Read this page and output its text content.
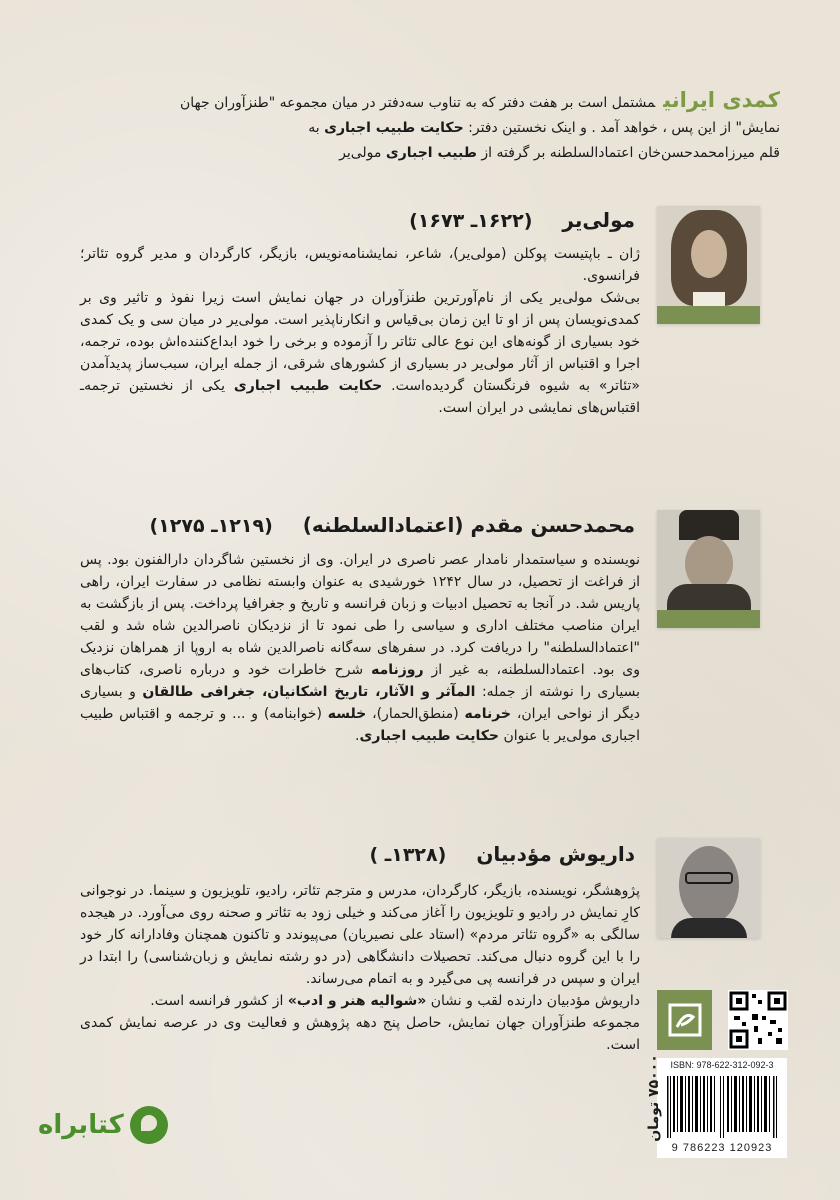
کمدی ایرانیمشتمل است بر هفت دفتر که به تناوب سه‌دفتر در میان مجموعه "طنزآوران جهان
نمایش" از این پس ، خواهد آمد . و اینک نخستین دفتر: حکایت طبیب اجباری به
قلم میرزامحمدحسن‌خان اعتمادالسلطنه بر گرفته از طبیب اجباری مولی‌یر
مولی‌یر(۱۶۲۲ـ ۱۶۷۳)

ژان ـ باپتیست پوکلن (مولی‌یر)، شاعر، نمایشنامه‌نویس، بازیگر، کارگردان و مدیر گروه تئاتر؛ فرانسوی.

بی‌شک مولی‌یر یکی از نام‌آورترین طنزآوران در جهان نمایش است زیرا نفوذ و تاثیر وی بر کمدی‌نویسان پس از او تا این زمان بی‌قیاس و انکارناپذیر است. مولی‌یر در میان سی و یک کمدی خود بسیاری از گونه‌های این نوع عالی تئاتر را آزموده و برخی را خود ابداع‌کننده‌اش بوده، ترجمه، اجرا و اقتباس از آثار مولی‌یر در بسیاری از کشورهای شرقی، از جمله ایران، سبب‌ساز پدیدآمدن «تئاتر» به شیوه فرنگستان گردیده‌است. حکایت طبیب اجباری یکی از نخستین ترجمه‌ـ اقتباس‌های نمایشی در ایران است.

محمدحسن مقدم (اعتمادالسلطنه)(۱۲۱۹ـ ۱۲۷۵)

نویسنده و سیاستمدار نامدار عصر ناصری در ایران. وی از نخستین شاگردان دارالفنون بود. پس از فراغت از تحصیل، در سال ۱۲۴۲ خورشیدی به عنوان وابسته نظامی در سفارت ایران، راهی پاریس شد. در آنجا به تحصیل ادبیات و زبان فرانسه و تاریخ و جغرافیا پرداخت. پس از بازگشت به ایران مناصب مختلف اداری و سیاسی را طی نمود تا از نزدیکان ناصرالدین شاه شد و لقب "اعتمادالسلطنه" را دریافت کرد. در سفرهای سه‌گانه ناصرالدین شاه به اروپا از همراهان نزدیک وی بود. اعتمادالسلطنه، به غیر از روزنامه شرح خاطرات خود و درباره ناصری، کتاب‌های بسیاری را نوشته از جمله: المآثر و الآثار، تاریخ اشکانیان، جغرافی طالقان و بسیاری دیگر از نواحی ایران، خرنامه (منطق‌الحمار)، خلسه (خوابنامه) و ... و ترجمه و اقتباس طبیب اجباری مولی‌یر با عنوان حکایت طبیب اجباری.

داریوش مؤدبیان(۱۳۲۸ـ )

پژوهشگر، نویسنده، بازیگر، کارگردان، مدرس و مترجم تئاتر، رادیو، تلویزیون و سینما. در نوجوانی کارِ نمایش در رادیو و تلویزیون را آغاز می‌کند و خیلی زود به تئاتر و صحنه روی می‌آورد. در هیجده سالگی به «گروه تئاتر مردم» (استاد علی نصیریان) می‌پیوندد و تاکنون همچنان وفادارانه کار خود را با این گروه دنبال می‌کند. تحصیلات دانشگاهی (در دو رشته نمایش و زبان‌شناسی) را ابتدا در ایران و سپس در فرانسه پی می‌گیرد و به اتمام می‌رساند.

داریوش مؤدبیان دارنده لقب و نشان «شوالیه هنر و ادب» از کشور فرانسه است.

مجموعه طنزآوران جهان نمایش، حاصل پنج دهه پژوهش و فعالیت وی در عرصه نمایش کمدی است.

ISBN: 978-622-312-092-3
9 786223 120923
۷۵۰۰۰ تومان
کتابراه
